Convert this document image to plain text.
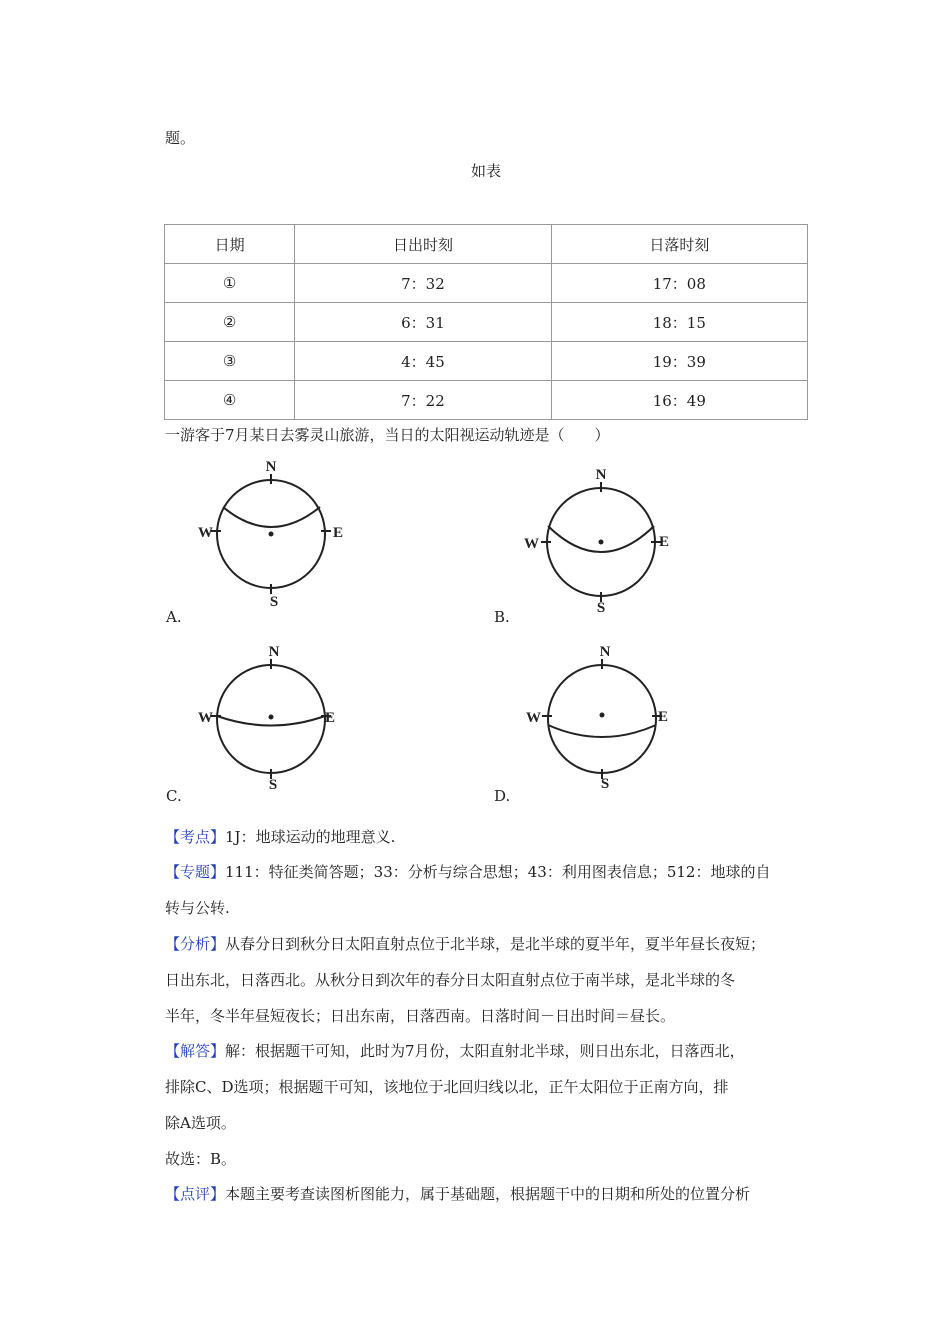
题。
如表
日期	日出时刻	日落时刻
①	7：32	17：08
②	6：31	18：15
③	4：45	19：39
④	7：22	16：49
一游客于7月某日去雾灵山旅游，当日的太阳视运动轨迹是（　　）
N
S
W	E
A.
N
S
W	E
B.
N
S
W	E
C.
N
S
W	E
D.
【考点】1J：地球运动的地理意义.
【专题】111：特征类简答题；33：分析与综合思想；43：利用图表信息；512：地球的自
转与公转.
【分析】从春分日到秋分日太阳直射点位于北半球，是北半球的夏半年，夏半年昼长夜短；
日出东北，日落西北。从秋分日到次年的春分日太阳直射点位于南半球，是北半球的冬
半年，冬半年昼短夜长；日出东南，日落西南。日落时间－日出时间＝昼长。
【解答】解：根据题干可知，此时为7月份，太阳直射北半球，则日出东北，日落西北，
排除C、D选项；根据题干可知，该地位于北回归线以北，正午太阳位于正南方向，排
除A选项。
故选：B。
【点评】本题主要考查读图析图能力，属于基础题，根据题干中的日期和所处的位置分析
